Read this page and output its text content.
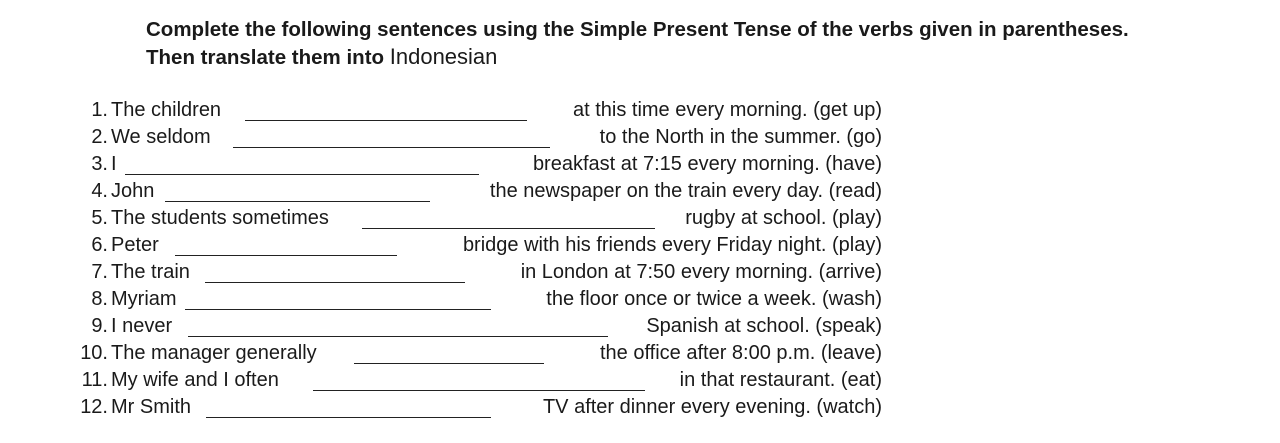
Complete the following sentences using the Simple Present Tense of the verbs given in parentheses.
Then translate them into Indonesian
1. The children	at this time every morning. (get up)
2. We seldom	to the North in the summer. (go)
3. I	breakfast at 7:15 every morning. (have)
4. John	the newspaper on the train every day. (read)
5. The students sometimes	rugby at school. (play)
6. Peter	bridge with his friends every Friday night. (play)
7. The train	in London at 7:50 every morning. (arrive)
8. Myriam	the floor once or twice a week. (wash)
9. I never	Spanish at school. (speak)
10. The manager generally	the office after 8:00 p.m. (leave)
11. My wife and I often	in that restaurant. (eat)
12. Mr Smith	TV after dinner every evening. (watch)
